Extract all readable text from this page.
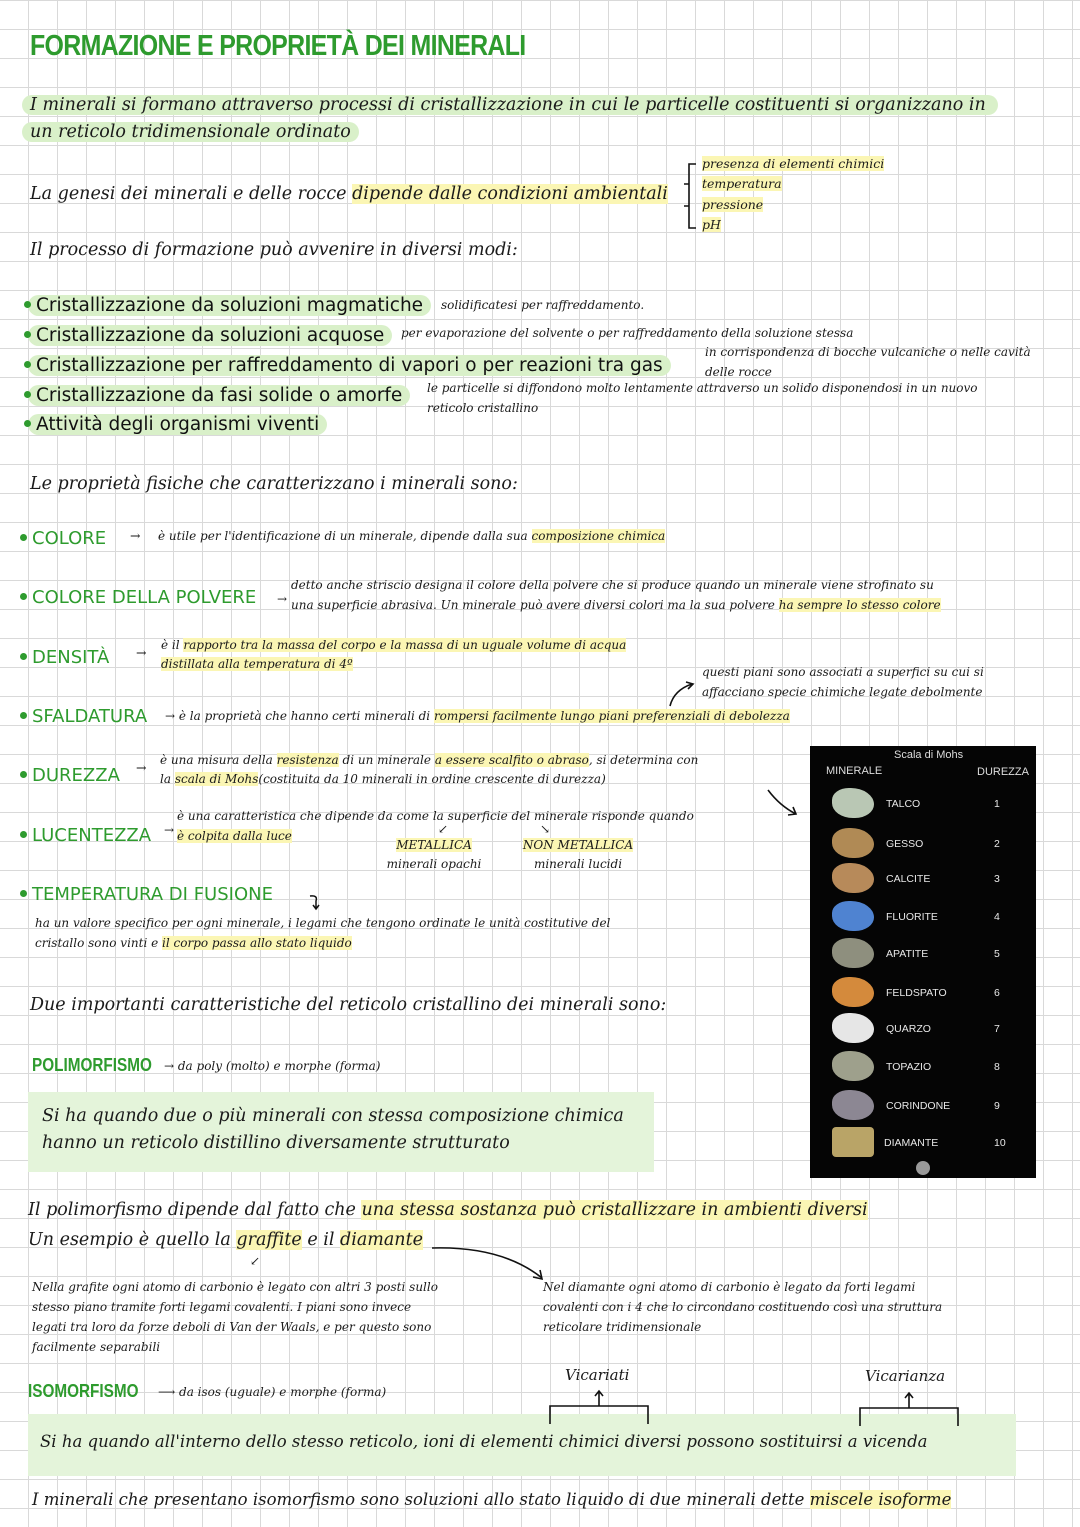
FORMAZIONE E PROPRIETÀ DEI MINERALI
I minerali si formano attraverso processi di cristallizzazione in cui le particelle costituenti si organizzano in
un reticolo tridimensionale ordinato
La genesi dei minerali e delle rocce dipende dalle condizioni ambientali
presenza di elementi chimici
temperatura
pressione
pH
Il processo di formazione può avvenire in diversi modi:
Cristallizzazione da soluzioni magmatiche	solidificatesi per raffreddamento.
Cristallizzazione da soluzioni acquose	per evaporazione del solvente o per raffreddamento della soluzione stessa
Cristallizzazione per raffreddamento di vapori o per reazioni tra gas
in corrispondenza di bocche vulcaniche o nelle cavità
delle rocce
Cristallizzazione da fasi solide o amorfe	le particelle si diffondono molto lentamente attraverso un solido disponendosi in un nuovo
reticolo cristallino
Attività degli organismi viventi
Le proprietà fisiche che caratterizzano i minerali sono:
COLORE → è utile per l'identificazione di un minerale, dipende dalla sua composizione chimica
COLORE DELLA POLVERE →
detto anche striscio designa il colore della polvere che si produce quando un minerale viene strofinato su
una superficie abrasiva. Un minerale può avere diversi colori ma la sua polvere ha sempre lo stesso colore
DENSITÀ → è il rapporto tra la massa del corpo e la massa di un uguale volume di acqua
distillata alla temperatura di 4º
questi piani sono associati a superfici su cui si
affacciano specie chimiche legate debolmente
SFALDATURA → è la proprietà che hanno certi minerali di rompersi facilmente lungo piani preferenziali di debolezza
DUREZZA → è una misura della resistenza di un minerale a essere scalfito o abraso, si determina con
la scala di Mohs(costituita da 10 minerali in ordine crescente di durezza)
LUCENTEZZA →
è una caratteristica che dipende da come la superficie del minerale risponde quando
è colpita dalla luce	↙	↘
METALLICA
minerali opachi
NON METALLICA
minerali lucidi
TEMPERATURA DI FUSIONE
ha un valore specifico per ogni minerale, i legami che tengono ordinate le unità costitutive del
cristallo sono vinti e il corpo passa allo stato liquido
Scala di Mohs
MINERALE	DUREZZA
TALCO	1
GESSO	2
CALCITE	3
FLUORITE	4
APATITE	5
FELDSPATO	6
QUARZO	7
TOPAZIO	8
CORINDONE	9
DIAMANTE	10
Due importanti caratteristiche del reticolo cristallino dei minerali sono:
POLIMORFISMO → da poly (molto) e morphe (forma)
Si ha quando due o più minerali con stessa composizione chimica
hanno un reticolo distillino diversamente strutturato
Il polimorfismo dipende dal fatto che una stessa sostanza può cristallizzare in ambienti diversi
Un esempio è quello la graffite e il diamante
↙
Nella grafite ogni atomo di carbonio è legato con altri 3 posti sullo
stesso piano tramite forti legami covalenti. I piani sono invece
legati tra loro da forze deboli di Van der Waals, e per questo sono
facilmente separabili
Nel diamante ogni atomo di carbonio è legato da forti legami
covalenti con i 4 che lo circondano costituendo così una struttura
reticolare tridimensionale
ISOMORFISMO ⟶ da isos (uguale) e morphe (forma)
Vicariati	Vicarianza
Si ha quando all'interno dello stesso reticolo, ioni di elementi chimici diversi possono sostituirsi a vicenda
I minerali che presentano isomorfismo sono soluzioni allo stato liquido di due minerali dette miscele isoforme
